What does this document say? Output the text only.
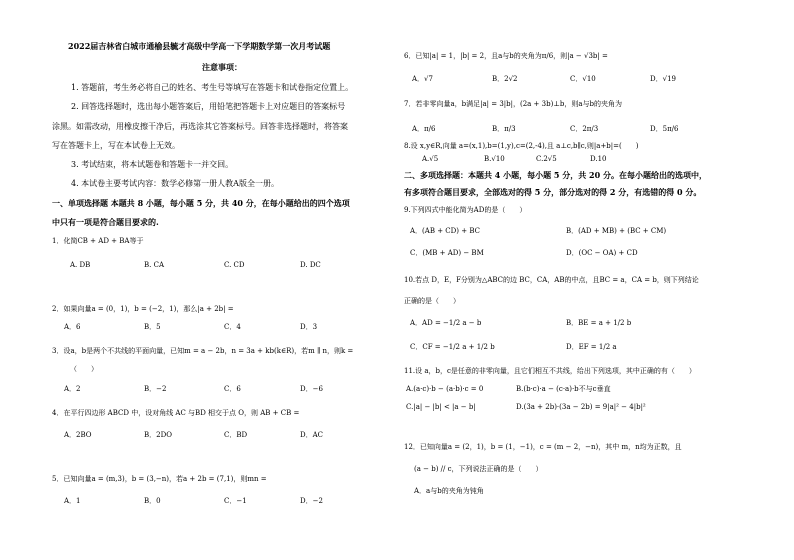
2022届吉林省白城市通榆县毓才高级中学高一下学期数学第一次月考试题
注意事项：
1. 答题前，考生务必将自己的姓名、考生号等填写在答题卡和试卷指定位置上。
2. 回答选择题时，选出每小题答案后，用铅笔把答题卡上对应题目的答案标号
涂黑。如需改动，用橡皮擦干净后，再选涂其它答案标号。回答非选择题时，将答案
写在答题卡上，写在本试卷上无效。
3. 考试结束，将本试题卷和答题卡一并交回。
4. 本试卷主要考试内容：数学必修第一册人教A版全一册。
一、单项选择题 本题共 8 小题，每小题 5 分，共 40 分，在每小题给出的四个选项
中只有一项是符合题目要求的.
1．化简CB + AD + BA等于
A. DB	B. CA	C. CD	D. DC
2．如果向量a = (0，1)，b = (−2，1)，那么|a + 2b| =
A．6	B．5	C．4	D．3
3．设a，b是两个不共线的平面向量，已知m = a − 2b，n = 3a + kb(k∈R)，若m ∥ n，则k =
（　　）
A．2	B．−2	C．6	D．−6
4．在平行四边形 ABCD 中，设对角线 AC 与BD 相交于点 O，则 AB + CB =
A．2BO	B．2DO	C．BD	D．AC
5．已知向量a = (m,3)，b = (3,−n)，若a + 2b = (7,1)，则mn =
A．1	B．0	C．−1	D．−2
6．已知|a| = 1，|b| = 2，且a与b的夹角为π/6，则|a − √3b| =
A．√7	B．2√2	C．√10	D．√19
7．若非零向量a，b满足|a| = 3|b|，(2a + 3b)⊥b，则a与b的夹角为
A．π/6	B．π/3	C．2π/3	D．5π/6
8.设 x,y∈R,向量 a=(x,1),b=(1,y),c=(2,-4),且 a⊥c,b∥c,则|a+b|=(　　)
A.√5	B.√10	C.2√5	D.10
二、多项选择题：本题共 4 小题，每小题 5 分，共 20 分。在每小题给出的选项中，
有多项符合题目要求，全部选对的得 5 分，部分选对的得 2 分，有选错的得 0 分。
9.下列四式中能化简为AD的是（　　）
A．(AB + CD) + BC	B．(AD + MB) + (BC + CM)
C．(MB + AD) − BM	D．(OC − OA) + CD
10.若点 D，E，F分别为△ABC的边 BC，CA，AB的中点，且BC = a，CA = b，则下列结论
正确的是（　　）
A．AD = −1/2 a − b	B．BE = a + 1/2 b
C．CF = −1/2 a + 1/2 b	D．EF = 1/2 a
11.设 a，b，c是任意的非零向量，且它们相互不共线，给出下列选项，其中正确的有（　　）
A.(a·c)·b − (a·b)·c = 0	B.(b·c)·a − (c·a)·b不与c垂直
C.|a| − |b| < |a − b|	D.(3a + 2b)·(3a − 2b) = 9|a|² − 4|b|²
12．已知向量a = (2，1)，b = (1，−1)，c = (m − 2，−n)，其中 m，n均为正数，且
(a − b) // c，下列说法正确的是（　　）
A．a与b的夹角为钝角
